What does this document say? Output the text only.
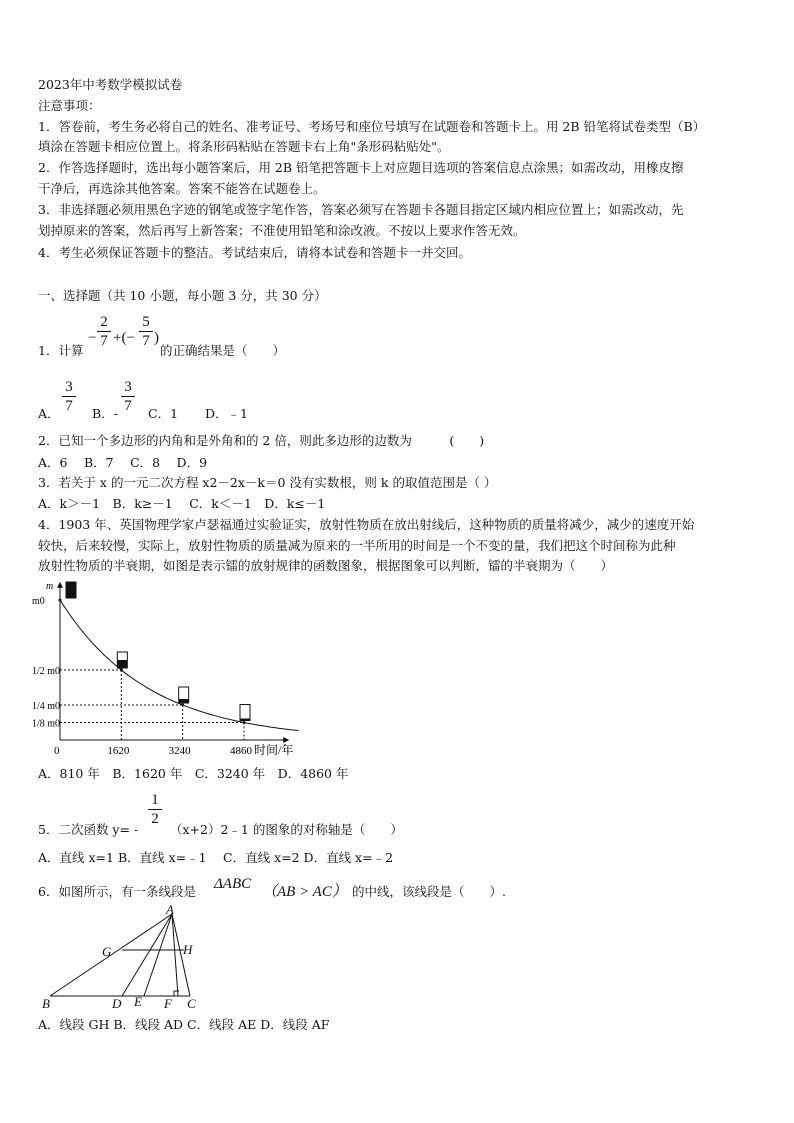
2023年中考数学模拟试卷
注意事项：
1．答卷前，考生务必将自己的姓名、准考证号、考场号和座位号填写在试题卷和答题卡上。用 2B 铅笔将试卷类型（B）
填涂在答题卡相应位置上。将条形码粘贴在答题卡右上角"条形码粘贴处"。
2．作答选择题时，选出每小题答案后，用 2B 铅笔把答题卡上对应题目选项的答案信息点涂黑；如需改动，用橡皮擦
干净后，再选涂其他答案。答案不能答在试题卷上。
3．非选择题必须用黑色字迹的钢笔或签字笔作答，答案必须写在答题卡各题目指定区域内相应位置上；如需改动，先
划掉原来的答案，然后再写上新答案；不准使用铅笔和涂改液。不按以上要求作答无效。
4．考生必须保证答题卡的整洁。考试结束后，请将本试卷和答题卡一并交回。
一、选择题（共 10 小题，每小题 3 分，共 30 分）
−
2
7 +(−
5
7 )
1．计算	的正确结果是（　　）
A．
3
7 B．-
3
7 C．1 D．﹣1
2．已知一个多边形的内角和是外角和的 2 倍，则此多边形的边数为　　　(　　)
A．6　 B．7　 C．8　 D．9
3．若关于 x 的一元二次方程 x2－2x－k＝0 没有实数根，则 k 的取值范围是（ ）
A．k＞－1　B．k≥－1　 C．k＜－1　D．k≤－1
4．1903 年、英国物理学家卢瑟福通过实验证实，放射性物质在放出射线后，这种物质的质量将减少，减少的速度开始
较快，后来较慢，实际上，放射性物质的质量减为原来的一半所用的时间是一个不变的量，我们把这个时间称为此种
放射性物质的半衰期，如图是表示镭的放射规律的函数图象，根据图象可以判断，镭的半衰期为（　　）
m
时间/年
0	1620	3240	4860
m0
1/2 m0
1/4 m0
1/8 m0
A．810 年　B．1620 年　C．3240 年　D．4860 年
5．二次函数 y= -
1
2
（x+2）2﹣1 的图象的对称轴是（　　）
A．直线 x=1 B．直线 x=﹣1　 C．直线 x=2 D．直线 x=﹣2
6．如图所示，有一条线段是 ΔABC （AB > AC） 的中线，该线段是（　　）.
A
B	C
D E F
G	H
A．线段 GH B．线段 AD C．线段 AE D．线段 AF
